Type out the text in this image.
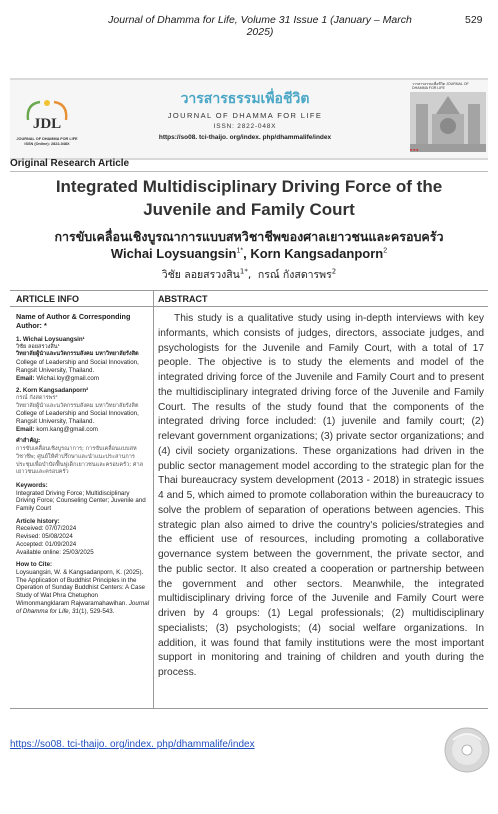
Journal of Dhamma for Life, Volume 31 Issue 1 (January – March 2025)
529
JDL
JOURNAL OF DHAMMA FOR LIFE
ISSN (Online): 2822-048X
วารสารธรรมเพื่อชีวิต
JOURNAL OF DHAMMA FOR LIFE
ISSN: 2822-048X
https://so08. tci-thaijo. org/index. php/dhammalife/index
วารสารธรรมเพื่อชีวิต JOURNAL OF DHAMMA FOR LIFE
■ ■ ■
Original Research Article
Integrated Multidisciplinary Driving Force of the Juvenile and Family Court
การขับเคลื่อนเชิงบูรณาการแบบสหวิชาชีพของศาลเยาวชนและครอบครัว
Wichai Loysuangsin$^{1*}$, Korn Kangsadanporn$^2$
วิชัย ลอยสรวงสิน$^{1*}$,  กรณ์ กังสดารพร$^2$
ARTICLE INFO	ABSTRACT
Name of Author & Corresponding Author: *
1. Wichai Loysuangsin¹
วิชัย ลอยสรวงสิน¹
วิทยาลัยผู้นำและนวัตกรรมสังคม มหาวิทยาลัยรังสิต
College of Leadership and Social Innovation, Rangsit University, Thailand.
Email: Wichai.loy@gmail.com
2. Korn Kangsadanporn²
กรณ์ กังสดารพร²
วิทยาลัยผู้นำและนวัตกรรมสังคม มหาวิทยาลัยรังสิต
College of Leadership and Social Innovation, Rangsit University, Thailand.
Email: korn.kang@gmail.com
คำสำคัญ:
การขับเคลื่อนเชิงบูรณาการ; การขับเคลื่อนแบบสหวิชาชีพ; ศูนย์ให้คำปรึกษาและนำแนะประสานการประชุมเพื่อบำบัดฟื้นฟูเด็กเยาวชนและครอบครัว; ศาลเยาวชนและครอบครัว
Keywords:
Integrated Driving Force; Multidisciplinary Driving Force; Counseling Center; Juvenile and Family Court
Article history:
Received: 07/07/2024
Revised: 05/08/2024
Accepted: 01/09/2024
Available online: 25/03/2025
How to Cite:
Loysuangsin, W. & Kangsadanporn, K. (2025). The Application of Buddhist Principles in the Operation of Sunday Buddhist Centers: A Case Study of Wat Phra Chetuphon Wimonmangklaram Rajwaramahawihan. Journal of Dhamma for Life, 31(1), 529-543.
This study is a qualitative study using in-depth interviews with key informants, which consists of judges, directors, associate judges, and psychologists for the Juvenile and Family Court, with a total of 17 people. The objective is to study the elements and model of the integrated driving force of the Juvenile and Family Court and to present the multidisciplinary integrated driving force of the Juvenile and Family Court. The results of the study found that the components of the integrated driving force included: (1) juvenile and family court; (2) relevant government organizations; (3) private sector organizations; and (4) civil society organizations. These organizations had driven in the public sector management model according to the strategic plan for the Thai bureaucracy system development (2013 - 2018) in strategic issues 4 and 5, which aimed to promote collaboration within the bureaucracy to solve the problem of separation of operations between agencies. This strategic plan also aimed to drive the country's policies/strategies and the efficient use of resources, including promoting a collaborative governance system between the government, the private sector, and the public sector. It also created a cooperation or partnership between the government and other sectors. Meanwhile, the integrated multidisciplinary driving force of the Juvenile and Family Court were driven by 4 groups: (1) Legal professionals; (2) multidisciplinary specialists; (3) psychologists; (4) social welfare organizations. In addition, it was found that family institutions were the most important support in monitoring and training of children and youth during the process.
https://so08. tci-thaijo. org/index. php/dhammalife/index
